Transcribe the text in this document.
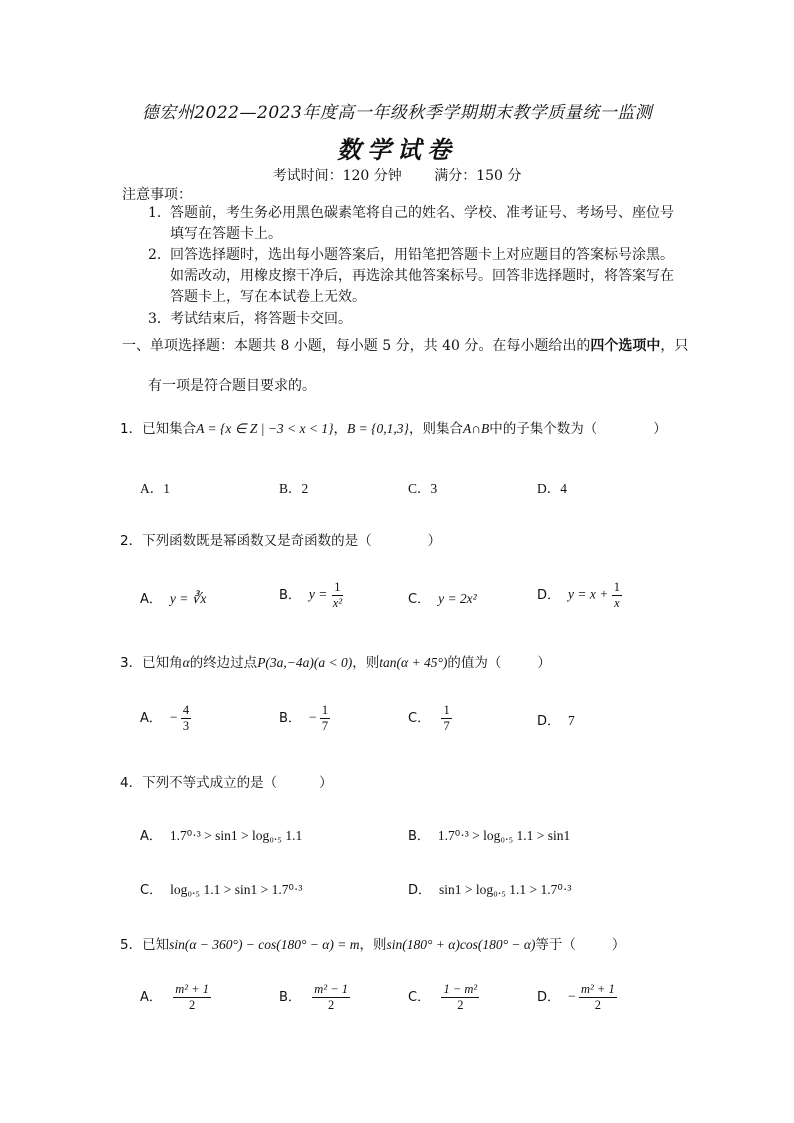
德宏州2022—2023年度高一年级秋季学期期末教学质量统一监测
数学试卷
考试时间：120 分钟 满分：150 分
注意事项：
1．答题前，考生务必用黑色碳素笔将自己的姓名、学校、准考证号、考场号、座位号
填写在答题卡上。
2．回答选择题时，选出每小题答案后，用铅笔把答题卡上对应题目的答案标号涂黑。
如需改动，用橡皮擦干净后，再选涂其他答案标号。回答非选择题时，将答案写在
答题卡上，写在本试卷上无效。
3．考试结束后，将答题卡交回。
一、单项选择题：本题共 8 小题，每小题 5 分，共 40 分。在每小题给出的四个选项中，只
有一项是符合题目要求的。
1．已知集合A = {x ∈ Z | −3 < x < 1}，B = {0,1,3}，则集合A∩B中的子集个数为（	）
A．1	B．2	C．3	D．4
2．下列函数既是幂函数又是奇函数的是（	）
A． y = ∛x	B． $y = \frac{1}{\text{x²}}$	C． y = 2x²	D． $y = x + \frac{1}{x}$
3．已知角α的终边过点P(3a,−4a)(a < 0)，则tan(α + 45°)的值为（	）
A． − $\frac{4}{3}$	B． − $\frac{1}{7}$	C． $\frac{1}{7}$	D． 7
4．下列不等式成立的是（	）
A． 1.7⁰·³ > sin1 > log₀.₅ 1.1	B． 1.7⁰·³ > log₀.₅ 1.1 > sin1
C． log₀.₅ 1.1 > sin1 > 1.7⁰·³	D． sin1 > log₀.₅ 1.1 > 1.7⁰·³
5．已知sin(α − 360°) − cos(180° − α) = m，则sin(180° + α)cos(180° − α)等于（	）
A． $\frac{\text{m² + 1}}{2}$	B． $\frac{\text{m² − 1}}{2}$	C． $\frac{\text{1 − m²}}{2}$	D． − $\frac{\text{m² + 1}}{2}$
